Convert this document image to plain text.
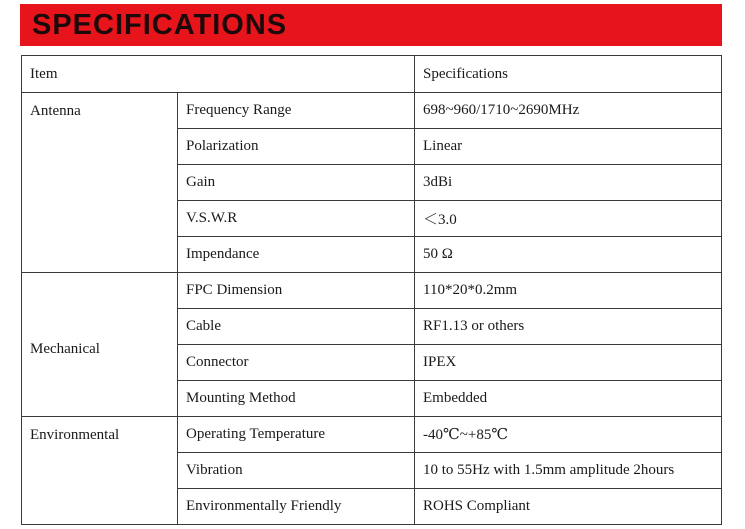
SPECIFICATIONS
Item		Specifications
Antenna	Frequency Range	698~960/1710~2690MHz
	Polarization	Linear
	Gain	3dBi
	V.S.W.R	＜3.0
	Impendance	50 Ω
Mechanical	FPC Dimension	110*20*0.2mm
	Cable	RF1.13 or others
	Connector	IPEX
	Mounting Method	Embedded
Environmental	Operating Temperature	-40℃~+85℃
	Vibration	10 to 55Hz with 1.5mm amplitude 2hours
	Environmentally Friendly	ROHS Compliant
